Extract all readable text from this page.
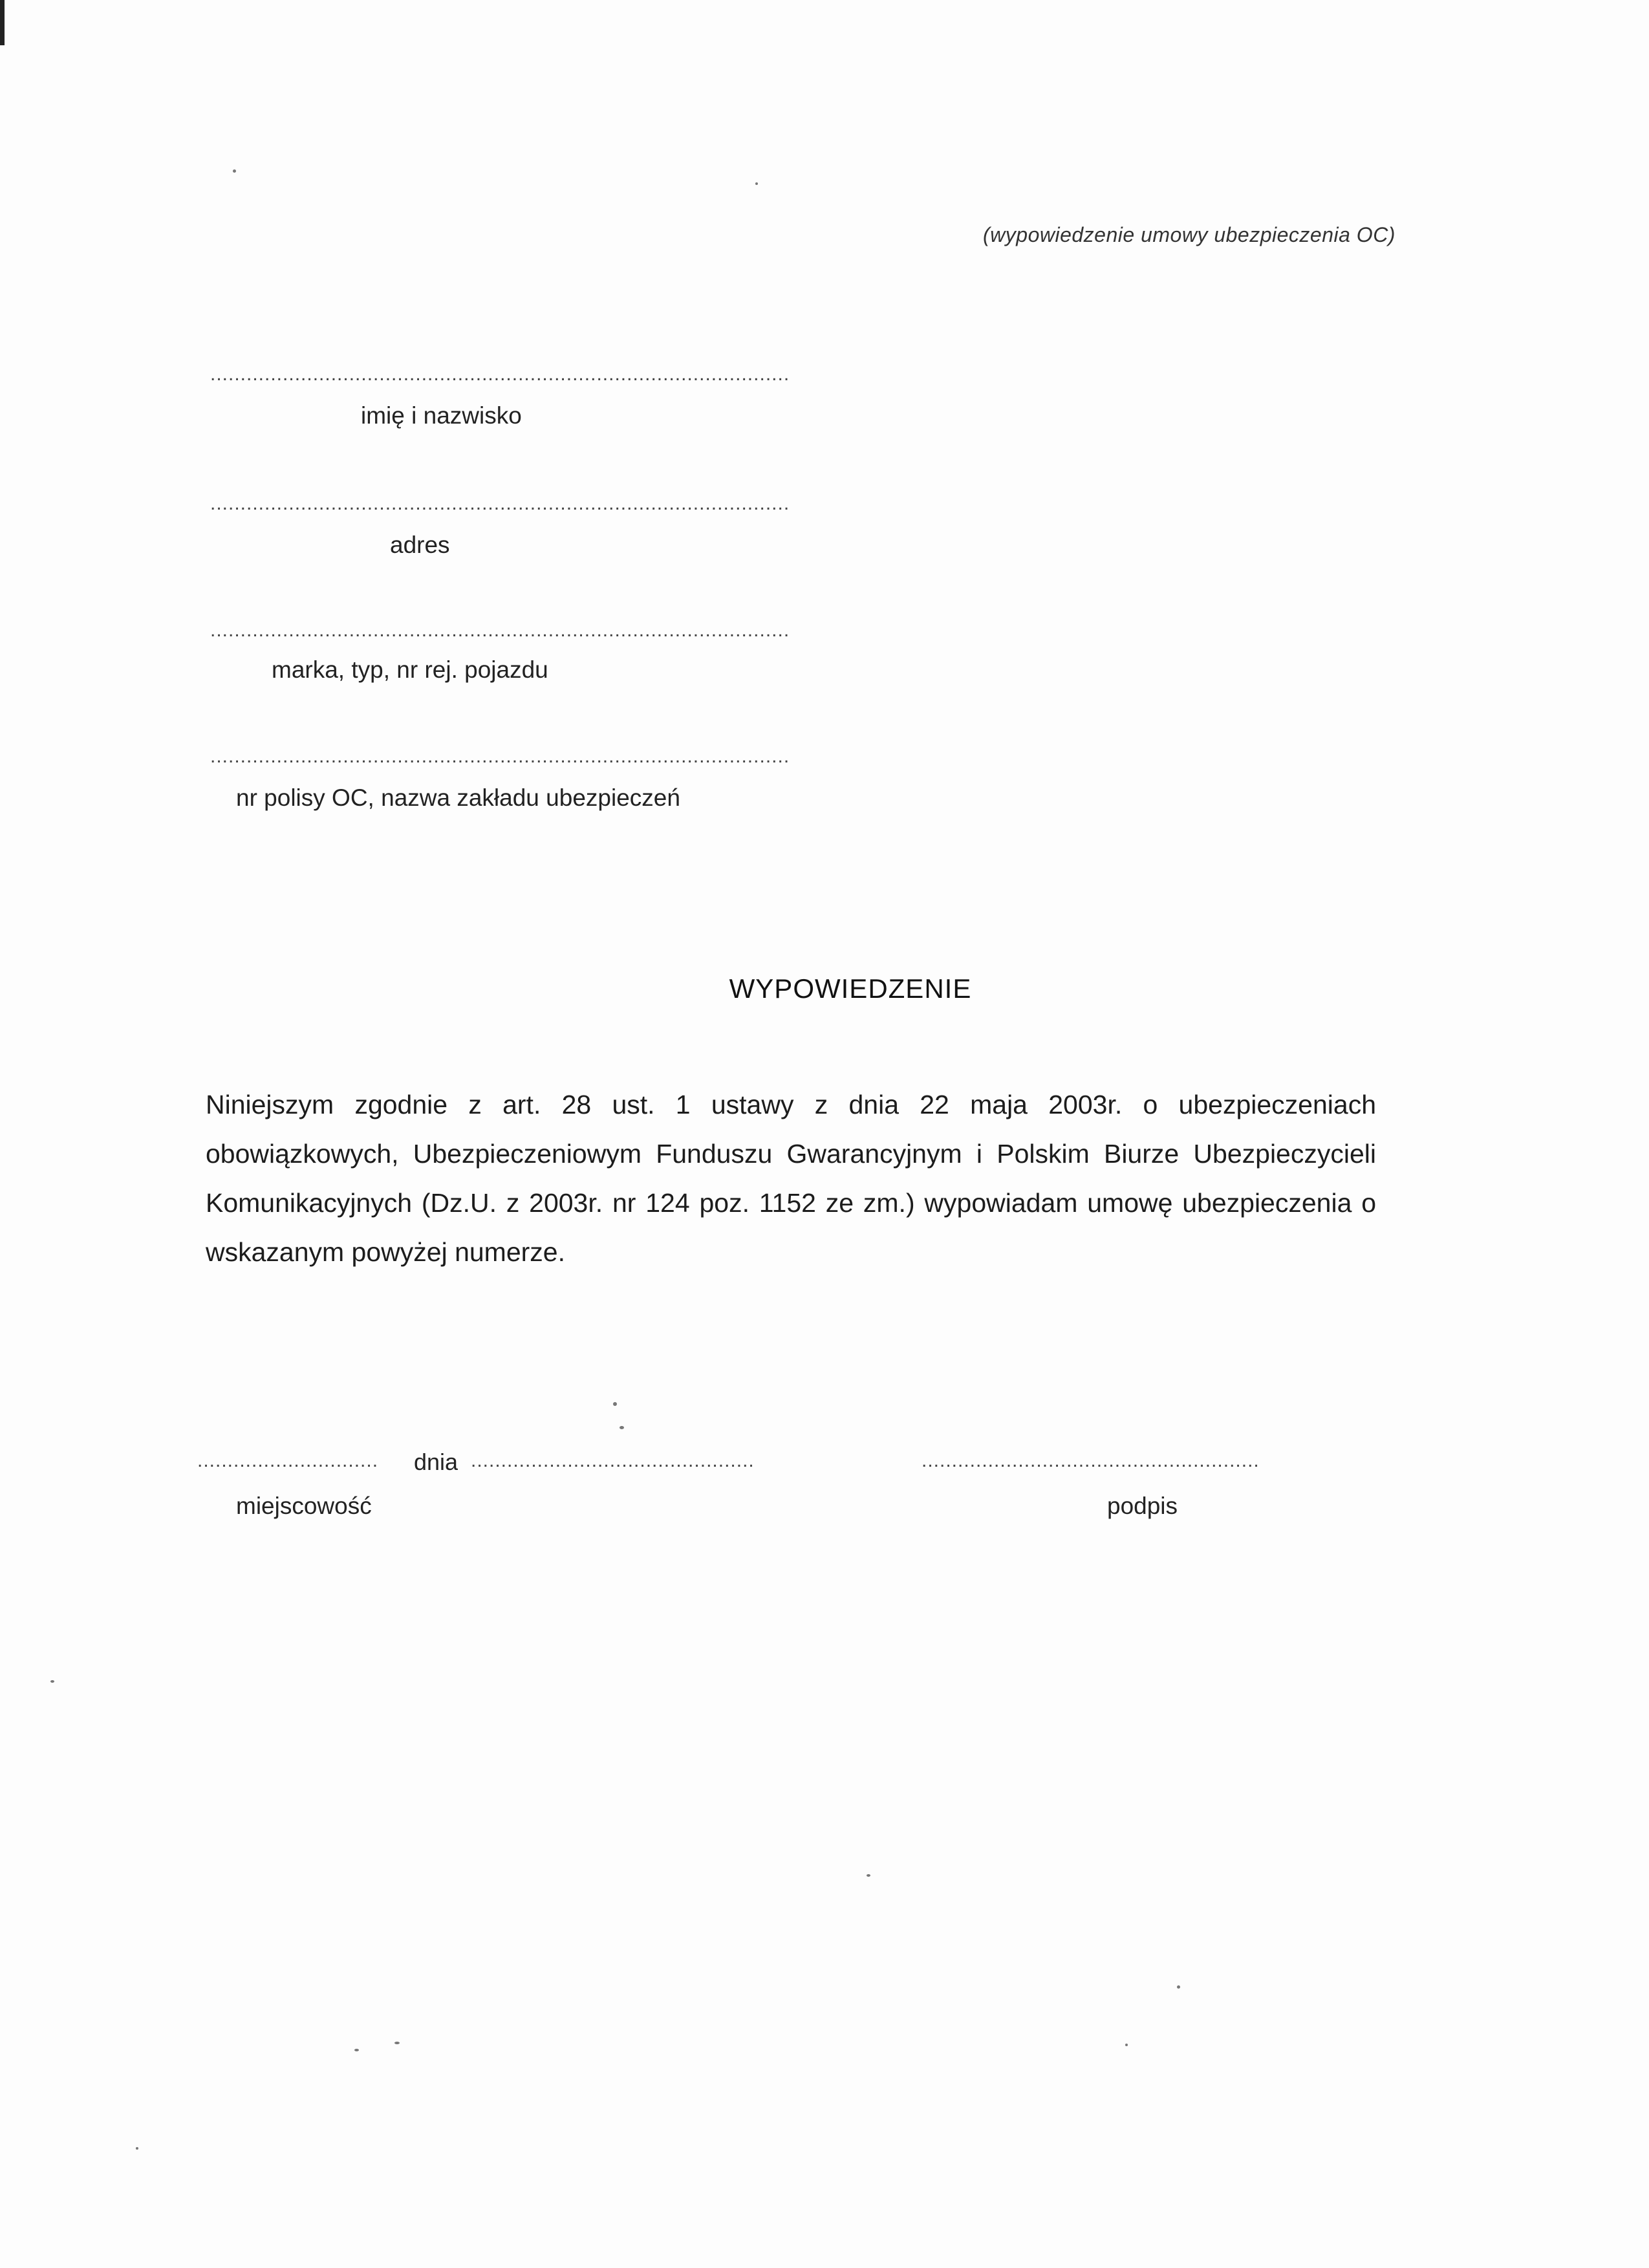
(wypowiedzenie umowy ubezpieczenia OC)
................................................................................................
imię i nazwisko
................................................................................................
adres
................................................................................................
marka, typ, nr rej. pojazdu
................................................................................................
nr polisy OC, nazwa zakładu ubezpieczeń
WYPOWIEDZENIE
Niniejszym zgodnie z art. 28 ust. 1 ustawy z dnia 22 maja 2003r. o ubezpieczeniach obowiązkowych, Ubezpieczeniowym Funduszu Gwarancyjnym i Polskim Biurze Ubezpieczycieli Komunikacyjnych (Dz.U. z 2003r. nr 124 poz. 1152 ze zm.) wypowiadam umowę ubezpieczenia o wskazanym powyżej numerze.
.............................. dnia ...............................................	........................................................
miejscowość	podpis
